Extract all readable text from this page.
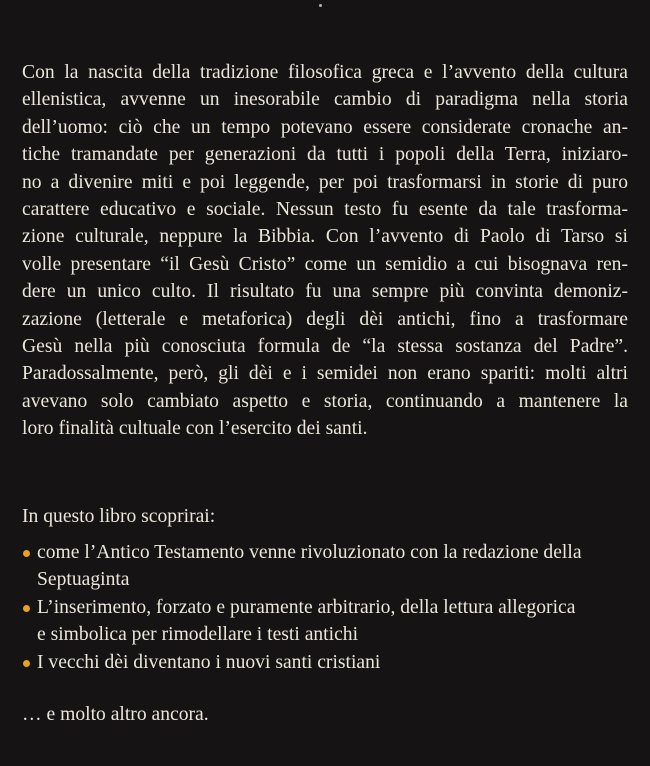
Con la nascita della tradizione filosofica greca e l’avvento della cultura
ellenistica, avvenne un inesorabile cambio di paradigma nella storia
dell’uomo: ciò che un tempo potevano essere considerate cronache an-
tiche tramandate per generazioni da tutti i popoli della Terra, iniziaro-
no a divenire miti e poi leggende, per poi trasformarsi in storie di puro
carattere educativo e sociale. Nessun testo fu esente da tale trasforma-
zione culturale, neppure la Bibbia. Con l’avvento di Paolo di Tarso si
volle presentare “il Gesù Cristo” come un semidio a cui bisognava ren-
dere un unico culto. Il risultato fu una sempre più convinta demoniz-
zazione (letterale e metaforica) degli dèi antichi, fino a trasformare
Gesù nella più conosciuta formula de “la stessa sostanza del Padre”.
Paradossalmente, però, gli dèi e i semidei non erano spariti: molti altri
avevano solo cambiato aspetto e storia, continuando a mantenere la
loro finalità cultuale con l’esercito dei santi.

In questo libro scoprirai:

come l’Antico Testamento venne rivoluzionato con la redazione della
Septuaginta
L’inserimento, forzato e puramente arbitrario, della lettura allegorica
e simbolica per rimodellare i testi antichi
I vecchi dèi diventano i nuovi santi cristiani

… e molto altro ancora.
